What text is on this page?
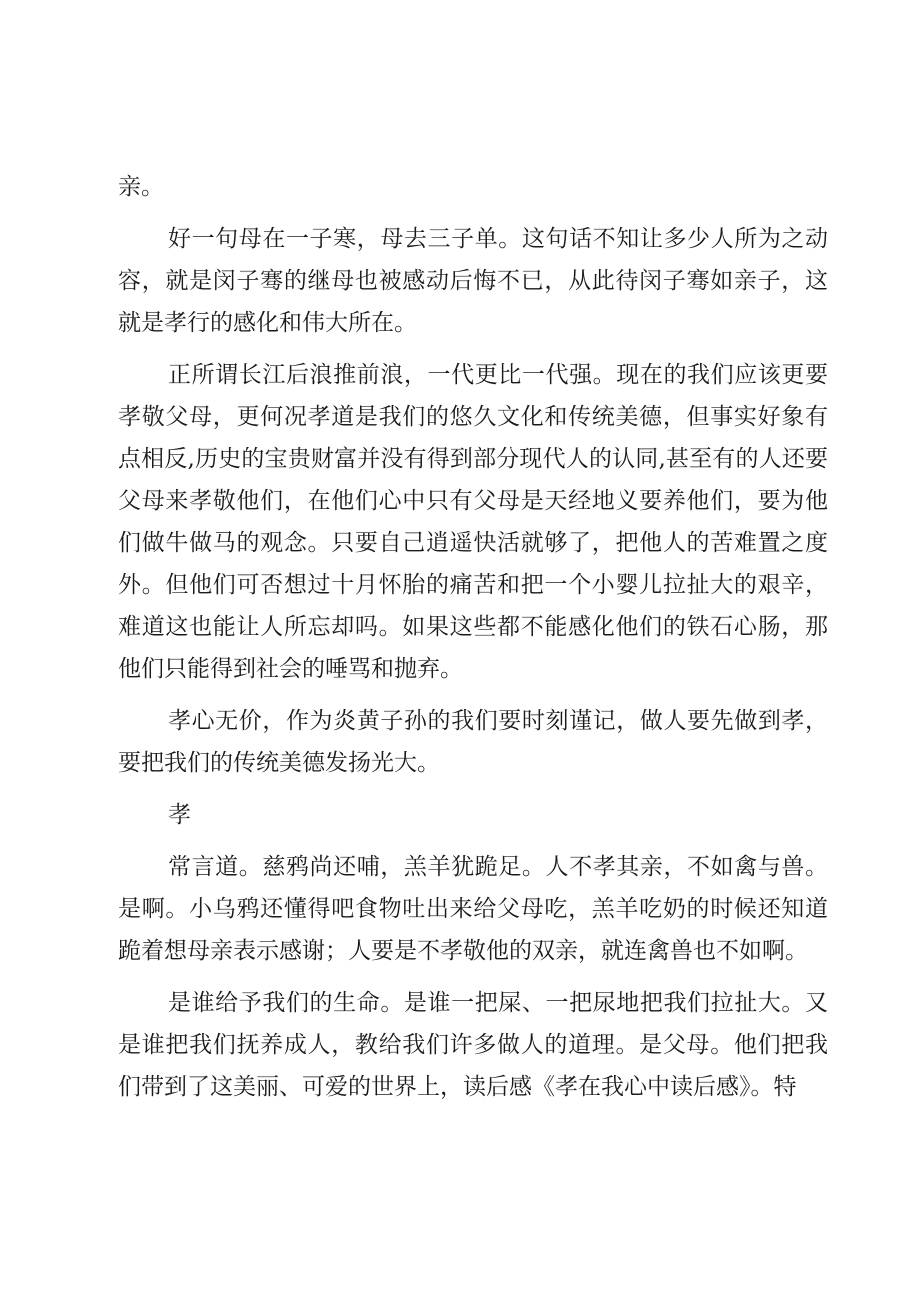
亲。

好一句母在一子寒，母去三子单。这句话不知让多少人所为之动容，就是闵子骞的继母也被感动后悔不已，从此待闵子骞如亲子，这就是孝行的感化和伟大所在。

正所谓长江后浪推前浪，一代更比一代强。现在的我们应该更要孝敬父母，更何况孝道是我们的悠久文化和传统美德，但事实好象有点相反,历史的宝贵财富并没有得到部分现代人的认同,甚至有的人还要父母来孝敬他们，在他们心中只有父母是天经地义要养他们，要为他们做牛做马的观念。只要自己逍遥快活就够了，把他人的苦难置之度外。但他们可否想过十月怀胎的痛苦和把一个小婴儿拉扯大的艰辛，难道这也能让人所忘却吗。如果这些都不能感化他们的铁石心肠，那他们只能得到社会的唾骂和抛弃。

孝心无价，作为炎黄子孙的我们要时刻谨记，做人要先做到孝，要把我们的传统美德发扬光大。

孝

常言道。慈鸦尚还哺，羔羊犹跪足。人不孝其亲，不如禽与兽。是啊。小乌鸦还懂得吧食物吐出来给父母吃，羔羊吃奶的时候还知道跪着想母亲表示感谢；人要是不孝敬他的双亲，就连禽兽也不如啊。

是谁给予我们的生命。是谁一把屎、一把尿地把我们拉扯大。又是谁把我们抚养成人，教给我们许多做人的道理。是父母。他们把我们带到了这美丽、可爱的世界上，读后感《孝在我心中读后感》。特
